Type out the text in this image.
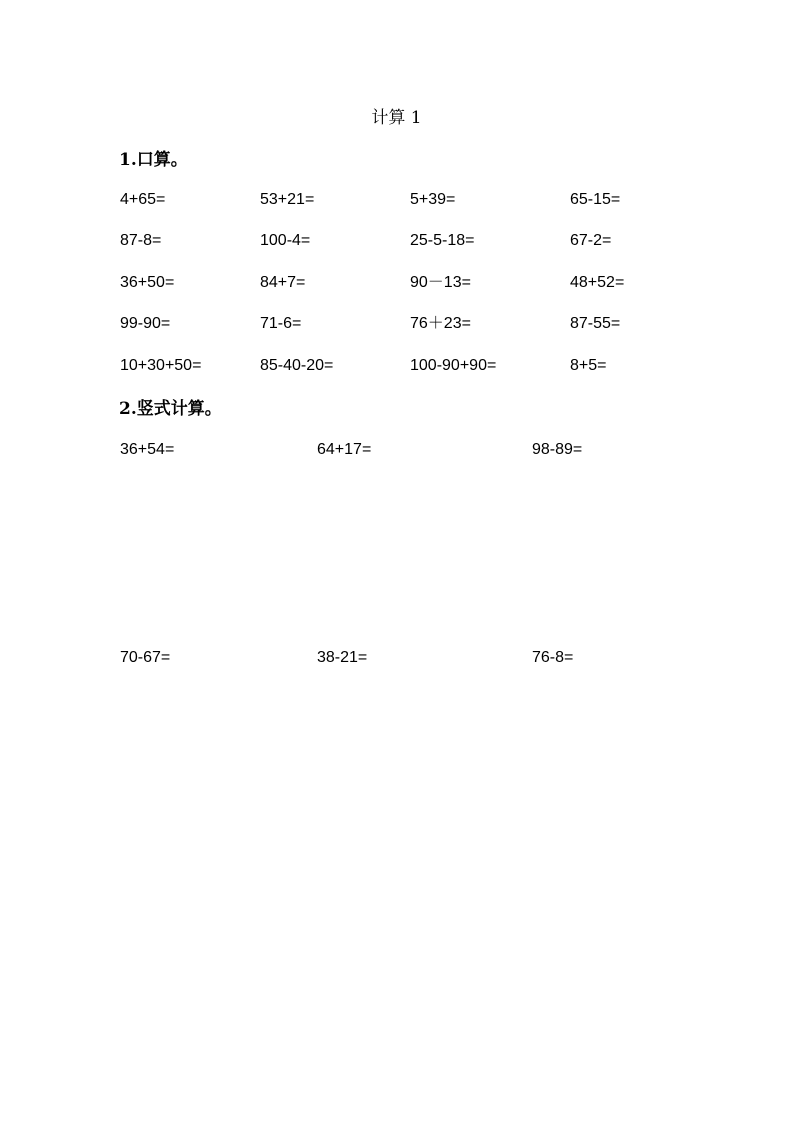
计算 1
1.口算。
4+65=	53+21=	5+39=	65-15=
87-8=	100-4=	25-5-18=	67-2=
36+50=	84+7=	90－13=	48+52=
99-90=	71-6=	76＋23=	87-55=
10+30+50=	85-40-20=	100-90+90=	8+5=
2.竖式计算。
36+54=	64+17=	98-89=
70-67=	38-21=	76-8=
